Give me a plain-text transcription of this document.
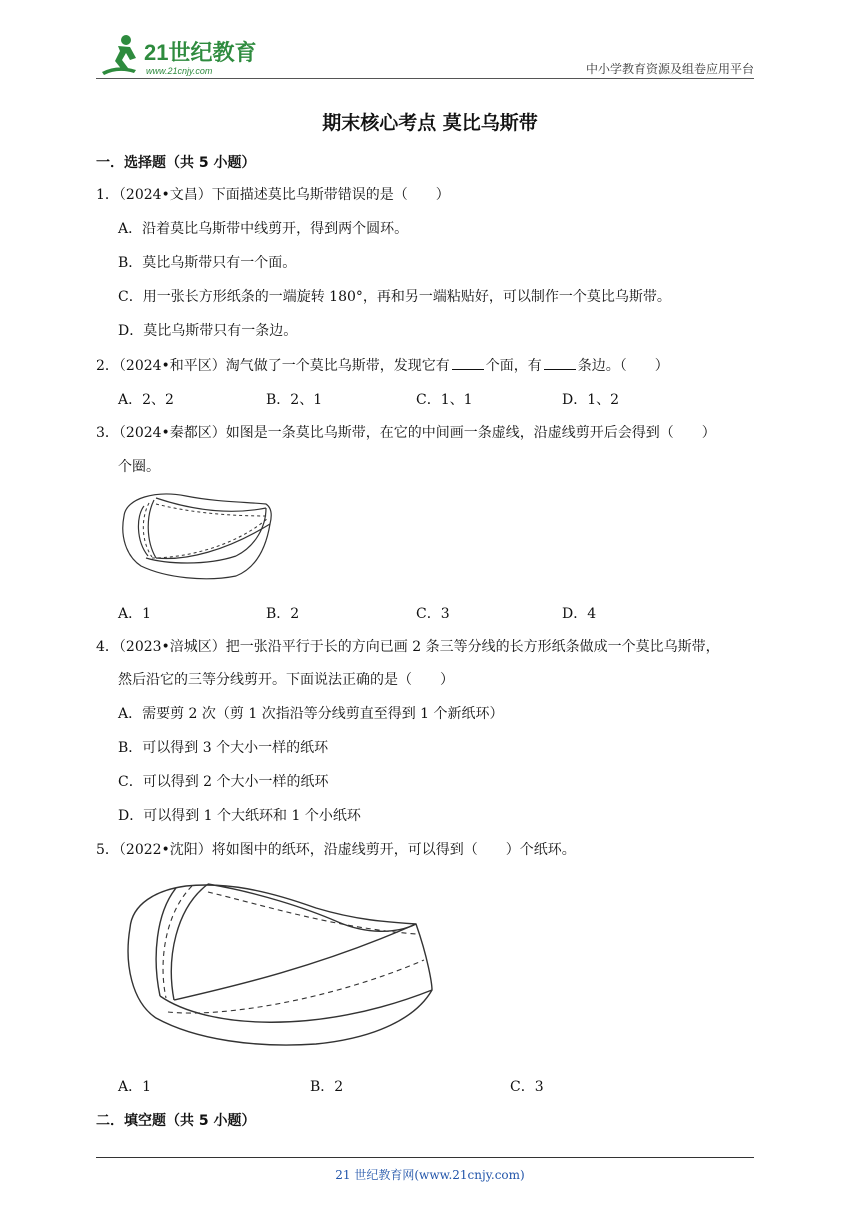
21世纪教育
www.21cnjy.com	中小学教育资源及组卷应用平台
期末核心考点 莫比乌斯带
一．选择题（共 5 小题）
1．（2024•文昌）下面描述莫比乌斯带错误的是（　　）
A．沿着莫比乌斯带中线剪开，得到两个圆环。
B．莫比乌斯带只有一个面。
C．用一张长方形纸条的一端旋转 180°，再和另一端粘贴好，可以制作一个莫比乌斯带。
D．莫比乌斯带只有一条边。
2．（2024•和平区）淘气做了一个莫比乌斯带，发现它有	个面，有	条边。（　　）
A．2、2	B．2、1	C．1、1	D．1、2
3．（2024•秦都区）如图是一条莫比乌斯带，在它的中间画一条虚线，沿虚线剪开后会得到（　　）
个圈。
A．1	B．2	C．3	D．4
4．（2023•涪城区）把一张沿平行于长的方向已画 2 条三等分线的长方形纸条做成一个莫比乌斯带，
然后沿它的三等分线剪开。下面说法正确的是（　　）
A．需要剪 2 次（剪 1 次指沿等分线剪直至得到 1 个新纸环）
B．可以得到 3 个大小一样的纸环
C．可以得到 2 个大小一样的纸环
D．可以得到 1 个大纸环和 1 个小纸环
5．（2022•沈阳）将如图中的纸环，沿虚线剪开，可以得到（　　）个纸环。
A．1	B．2	C．3
二．填空题（共 5 小题）
21 世纪教育网(www.21cnjy.com)
